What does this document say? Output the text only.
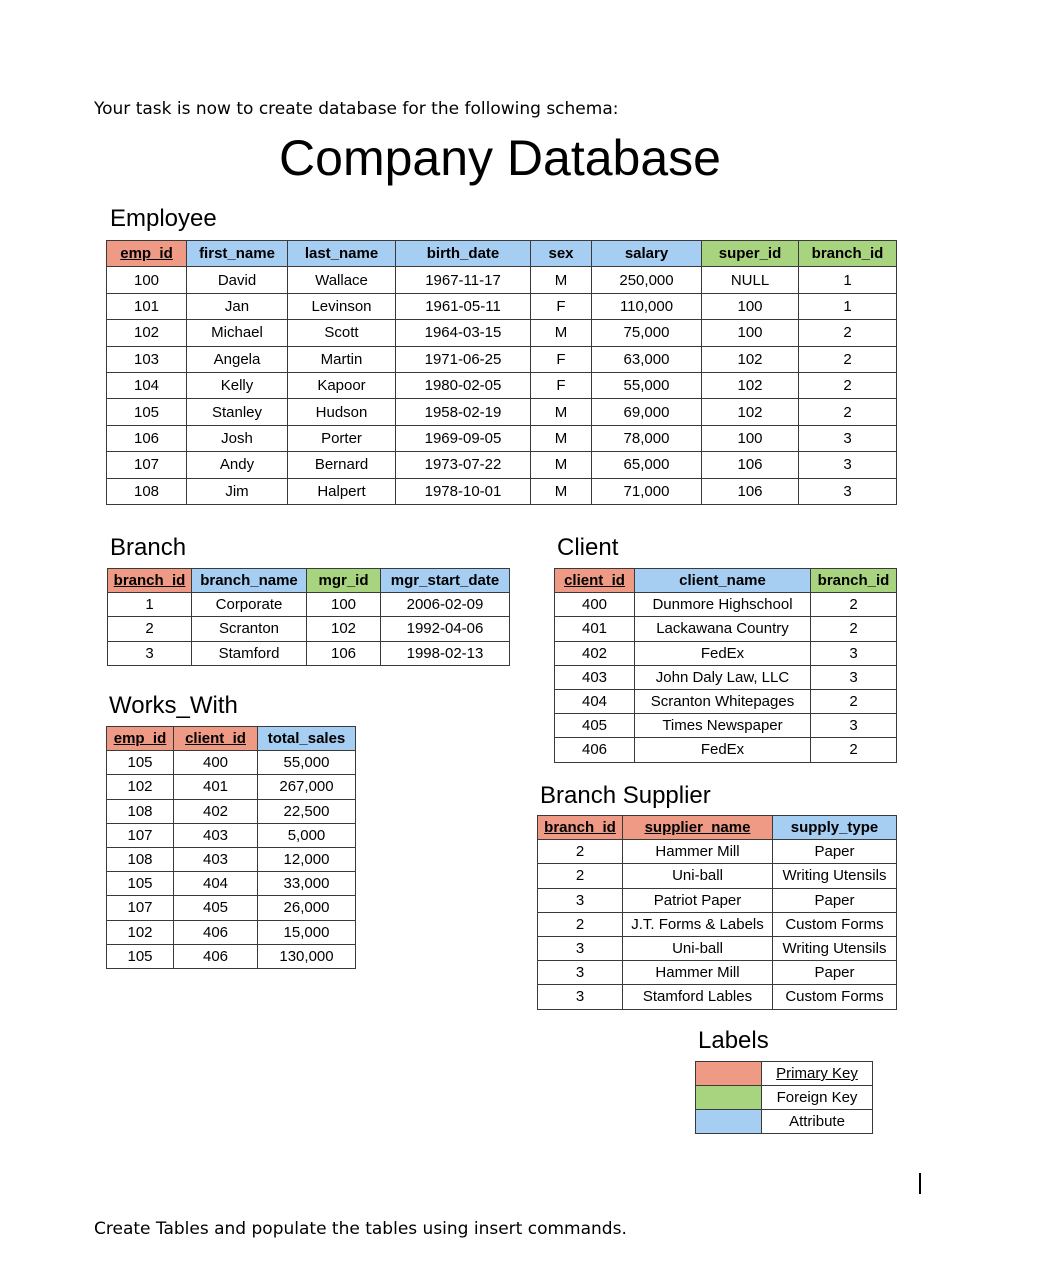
Your task is now to create database for the following schema:
Company Database
Employee
emp_id	first_name	last_name	birth_date	sex	salary	super_id	branch_id
100	David	Wallace	1967-11-17	M	250,000	NULL	1
101	Jan	Levinson	1961-05-11	F	110,000	100	1
102	Michael	Scott	1964-03-15	M	75,000	100	2
103	Angela	Martin	1971-06-25	F	63,000	102	2
104	Kelly	Kapoor	1980-02-05	F	55,000	102	2
105	Stanley	Hudson	1958-02-19	M	69,000	102	2
106	Josh	Porter	1969-09-05	M	78,000	100	3
107	Andy	Bernard	1973-07-22	M	65,000	106	3
108	Jim	Halpert	1978-10-01	M	71,000	106	3
Branch
branch_id	branch_name	mgr_id	mgr_start_date
1	Corporate	100	2006-02-09
2	Scranton	102	1992-04-06
3	Stamford	106	1998-02-13
Client
client_id	client_name	branch_id
400	Dunmore Highschool	2
401	Lackawana Country	2
402	FedEx	3
403	John Daly Law, LLC	3
404	Scranton Whitepages	2
405	Times Newspaper	3
406	FedEx	2
Works_With
emp_id	client_id	total_sales
105	400	55,000
102	401	267,000
108	402	22,500
107	403	5,000
108	403	12,000
105	404	33,000
107	405	26,000
102	406	15,000
105	406	130,000
Branch Supplier
branch_id	supplier_name	supply_type
2	Hammer Mill	Paper
2	Uni-ball	Writing Utensils
3	Patriot Paper	Paper
2	J.T. Forms & Labels	Custom Forms
3	Uni-ball	Writing Utensils
3	Hammer Mill	Paper
3	Stamford Lables	Custom Forms
Labels
	Primary Key
	Foreign Key
	Attribute
Create Tables and populate the tables using insert commands.
